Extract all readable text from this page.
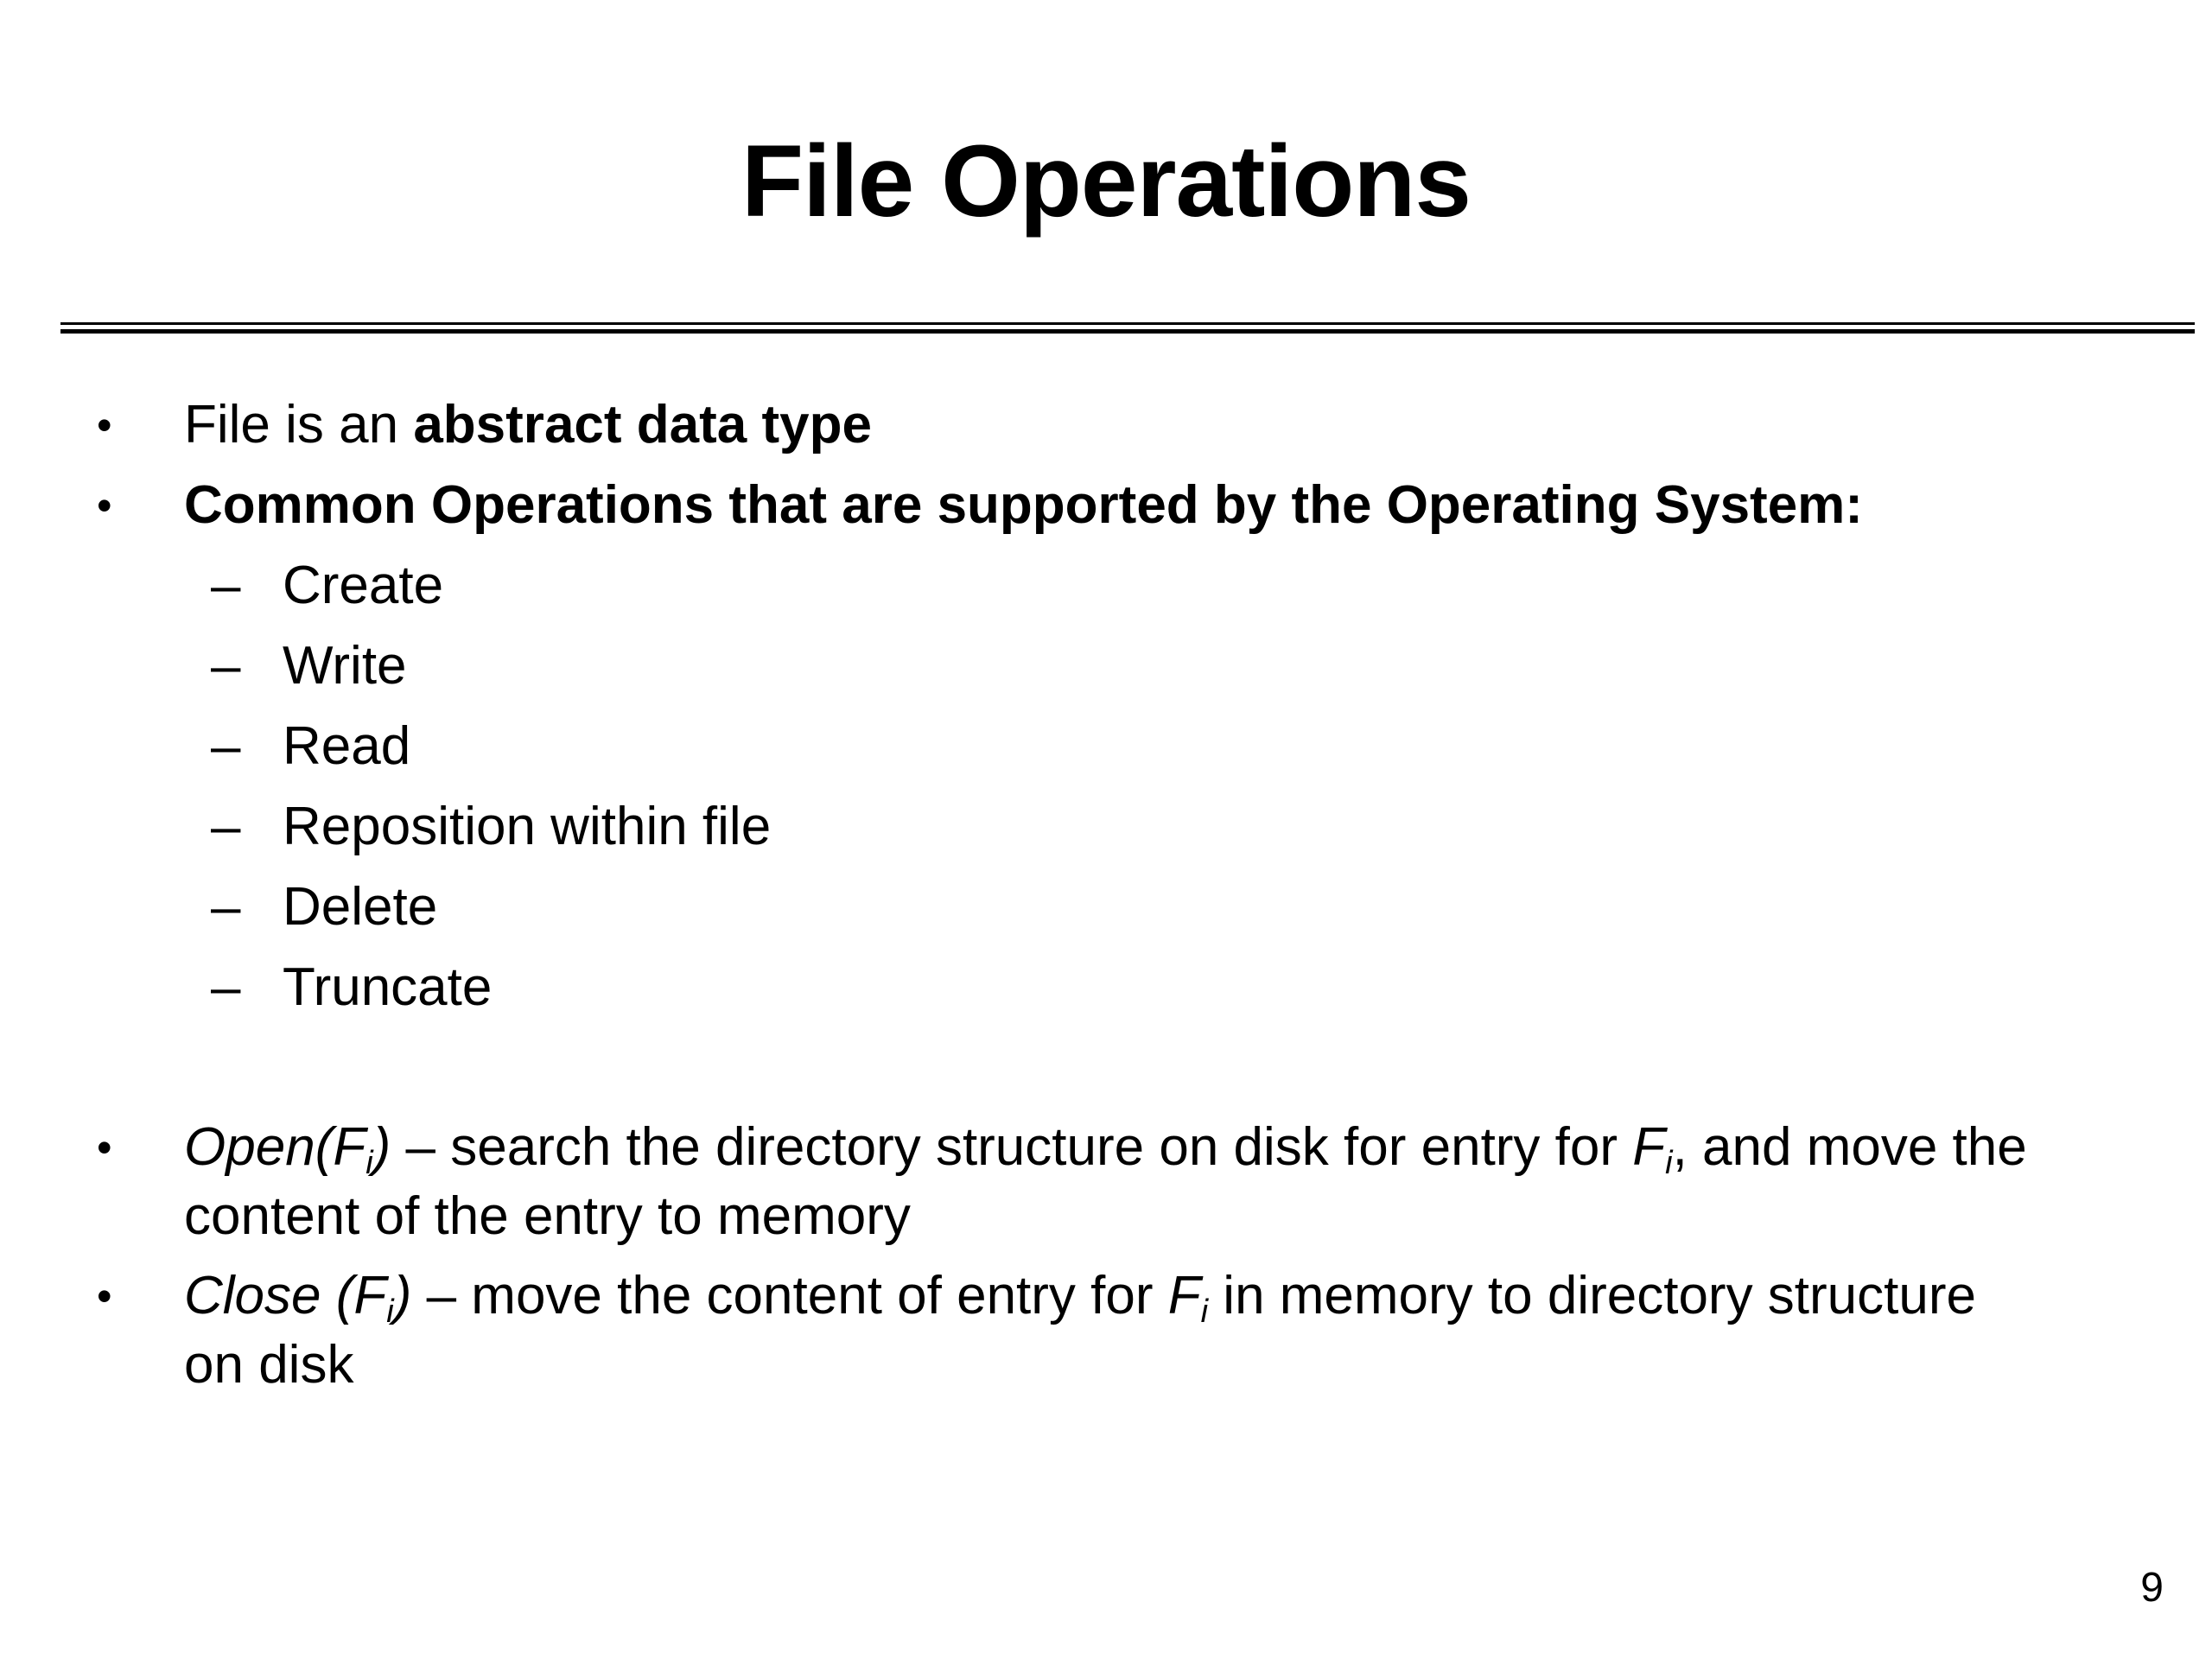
File Operations
• File is an abstract data type
• Common Operations that are supported by the Operating System:
– Create
– Write
– Read
– Reposition within file
– Delete
– Truncate
• $Open(F_i)$ – search the directory structure on disk for entry for $F_i$, and move the
content of the entry to memory
• Close $(F_i)$ – move the content of entry for $F_i$ in memory to directory structure
on disk
9
